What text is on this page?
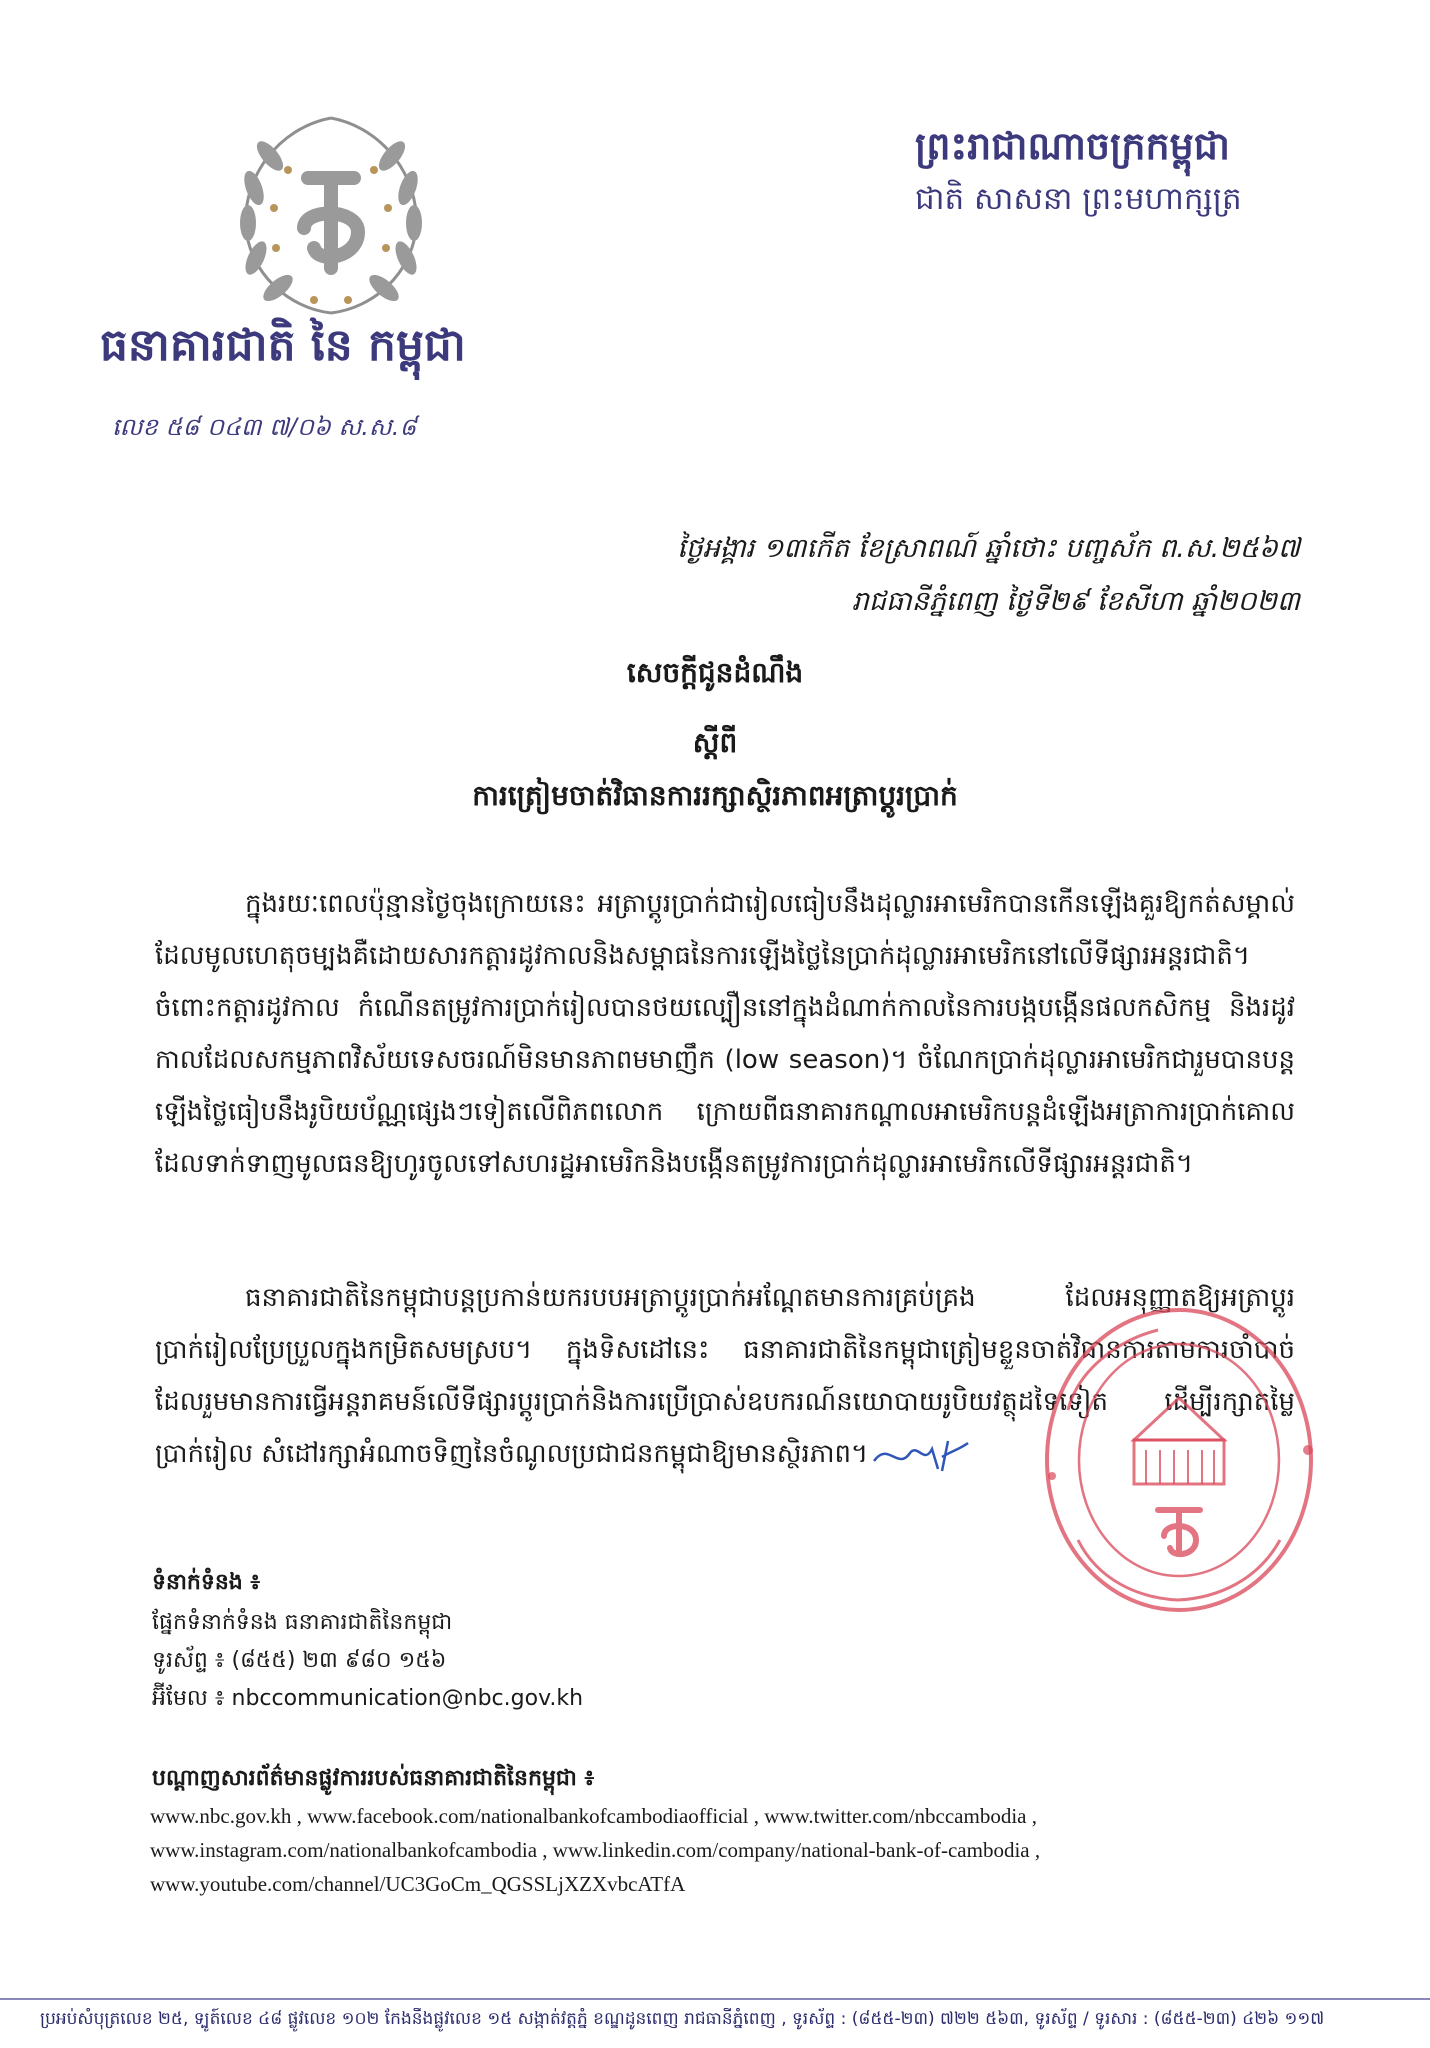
ធនាគារជាតិ នៃ កម្ពុជា
លេខ ៥៨ ០៤៣ ៧/០៦ ស.ស.៨
ព្រះរាជាណាចក្រកម្ពុជា
ជាតិ សាសនា ព្រះមហាក្សត្រ
ថ្ងៃអង្គារ ១៣កើត ខែស្រាពណ៍ ឆ្នាំថោះ បញ្ចស័ក ព.ស.២៥៦៧
រាជធានីភ្នំពេញ ថ្ងៃទី២៩ ខែសីហា ឆ្នាំ២០២៣
សេចក្ដីជូនដំណឹង
ស្ដីពី
ការត្រៀមចាត់វិធានការរក្សាស្ថិរភាពអត្រាប្ដូរប្រាក់

ក្នុងរយៈពេលប៉ុន្មានថ្ងៃចុងក្រោយនេះ អត្រាប្ដូរប្រាក់ជារៀលធៀបនឹងដុល្លារអាមេរិកបានកើនឡើងគួរឱ្យកត់សម្គាល់ ដែលមូលហេតុចម្បងគឺដោយសារកត្តារដូវកាលនិងសម្ពាធនៃការឡើងថ្លៃនៃប្រាក់ដុល្លារអាមេរិកនៅលើទីផ្សារអន្តរជាតិ។ ចំពោះកត្តារដូវកាល កំណើនតម្រូវការប្រាក់រៀលបានថយល្បឿននៅក្នុងដំណាក់កាលនៃការបង្កបង្កើនផលកសិកម្ម និងរដូវកាលដែលសកម្មភាពវិស័យទេសចរណ៍មិនមានភាពមមាញឹក (low season)។ ចំណែកប្រាក់ដុល្លារអាមេរិកជារួមបានបន្តឡើងថ្លៃធៀបនឹងរូបិយប័ណ្ណផ្សេងៗទៀតលើពិភពលោក ក្រោយពីធនាគារកណ្ដាលអាមេរិកបន្តដំឡើងអត្រាការប្រាក់គោល ដែលទាក់ទាញមូលធនឱ្យហូរចូលទៅសហរដ្ឋអាមេរិកនិងបង្កើនតម្រូវការប្រាក់ដុល្លារអាមេរិកលើទីផ្សារអន្តរជាតិ។

ធនាគារជាតិនៃកម្ពុជាបន្តប្រកាន់យករបបអត្រាប្ដូរប្រាក់អណ្ដែតមានការគ្រប់គ្រង ដែលអនុញ្ញាតឱ្យអត្រាប្ដូរប្រាក់រៀលប្រែប្រួលក្នុងកម្រិតសមស្រប។ ក្នុងទិសដៅនេះ ធនាគារជាតិនៃកម្ពុជាត្រៀមខ្លួនចាត់វិធានការតាមការចាំបាច់ ដែលរួមមានការធ្វើអន្តរាគមន៍លើទីផ្សារប្ដូរប្រាក់និងការប្រើប្រាស់ឧបករណ៍នយោបាយរូបិយវត្ថុដទៃទៀត ដើម្បីរក្សាតម្លៃប្រាក់រៀល សំដៅរក្សាអំណាចទិញនៃចំណូលប្រជាជនកម្ពុជាឱ្យមានស្ថិរភាព។

ទំនាក់ទំនង ៖
ផ្នែកទំនាក់ទំនង ធនាគារជាតិនៃកម្ពុជា
ទូរស័ព្ទ ៖ (៨៥៥) ២៣ ៩៨០ ១៥៦
អ៊ីមែល ៖ nbccommunication@nbc.gov.kh
បណ្ដាញសារព័ត៌មានផ្លូវការរបស់ធនាគារជាតិនៃកម្ពុជា ៖
www.nbc.gov.kh , www.facebook.com/nationalbankofcambodiaofficial , www.twitter.com/nbccambodia ,
www.instagram.com/nationalbankofcambodia , www.linkedin.com/company/national-bank-of-cambodia ,
www.youtube.com/channel/UC3GoCm_QGSSLjXZXvbcATfA
ប្រអប់សំបុត្រលេខ ២៥, ទ្បូត៍លេខ ៤៨ ផ្លូវលេខ ១០២ កែងនឹងផ្លូវលេខ ១៥ សង្កាត់វត្តភ្នំ ខណ្ឌដូនពេញ រាជធានីភ្នំពេញ , ទូរស័ព្ទ : (៨៥៥-២៣) ៧២២ ៥៦៣, ទូរស័ព្ទ / ទូរសារ : (៨៥៥-២៣) ៤២៦ ១១៧
